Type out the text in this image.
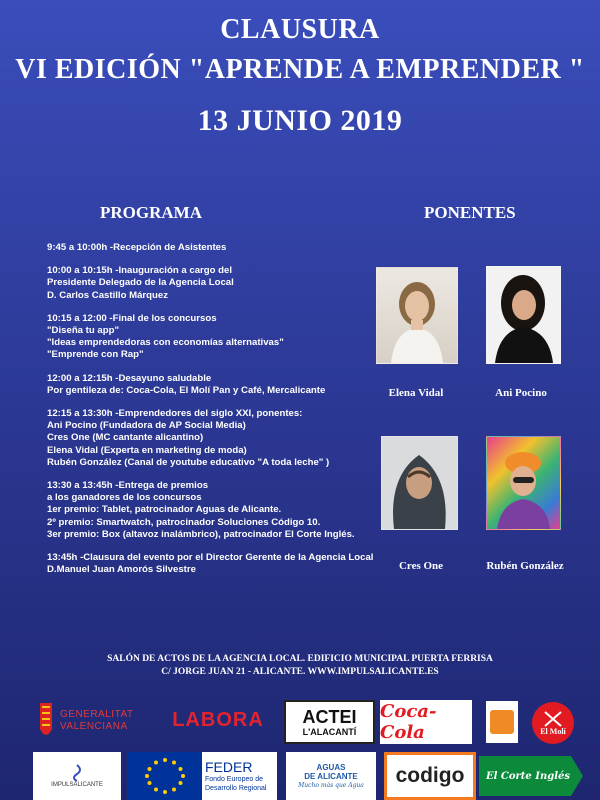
CLAUSURA
VI EDICIÓN "APRENDE A EMPRENDER "
13 JUNIO 2019
PROGRAMA	PONENTES
9:45 a 10:00h -Recepción de Asistentes
10:00 a 10:15h -Inauguración a cargo del
Presidente Delegado de la Agencia Local
D. Carlos Castillo Márquez
10:15 a 12:00 -Final de los concursos
"Diseña tu app"
"Ideas emprendedoras con economías alternativas"
"Emprende con Rap"
12:00 a 12:15h -Desayuno saludable
Por gentileza de: Coca-Cola, El Molí Pan y Café, Mercalicante
12:15 a 13:30h -Emprendedores del siglo XXI, ponentes:
Ani Pocino (Fundadora de AP Social Media)
Cres One (MC cantante alicantino)
Elena Vidal (Experta en marketing de moda)
Rubén González (Canal de youtube educativo "A toda leche" )
13:30 a 13:45h -Entrega de premios
a los ganadores de los concursos
1er premio: Tablet, patrocinador Aguas de Alicante.
2º premio: Smartwatch, patrocinador Soluciones Código 10.
3er premio: Box (altavoz inalámbrico), patrocinador El Corte Inglés.
13:45h -Clausura del evento por el Director Gerente de la Agencia Local
D.Manuel Juan Amorós Silvestre
Elena Vidal	Ani Pocino
Cres One	Rubén González
SALÓN DE ACTOS DE LA AGENCIA LOCAL. EDIFICIO MUNICIPAL PUERTA FERRISA
C/ JORGE JUAN 21 - ALICANTE. WWW.IMPULSALICANTE.ES
GENERALITAT
VALENCIANA LABORA ACTEI
L'ALACANTÍ
Coca-Cola	El Molí
IMPULSALICANTE
FEDER
Fondo Europeo de
Desarrollo Regional
AGUAS
DE ALICANTE
Mucho más que Agua codigo El Corte Inglés
